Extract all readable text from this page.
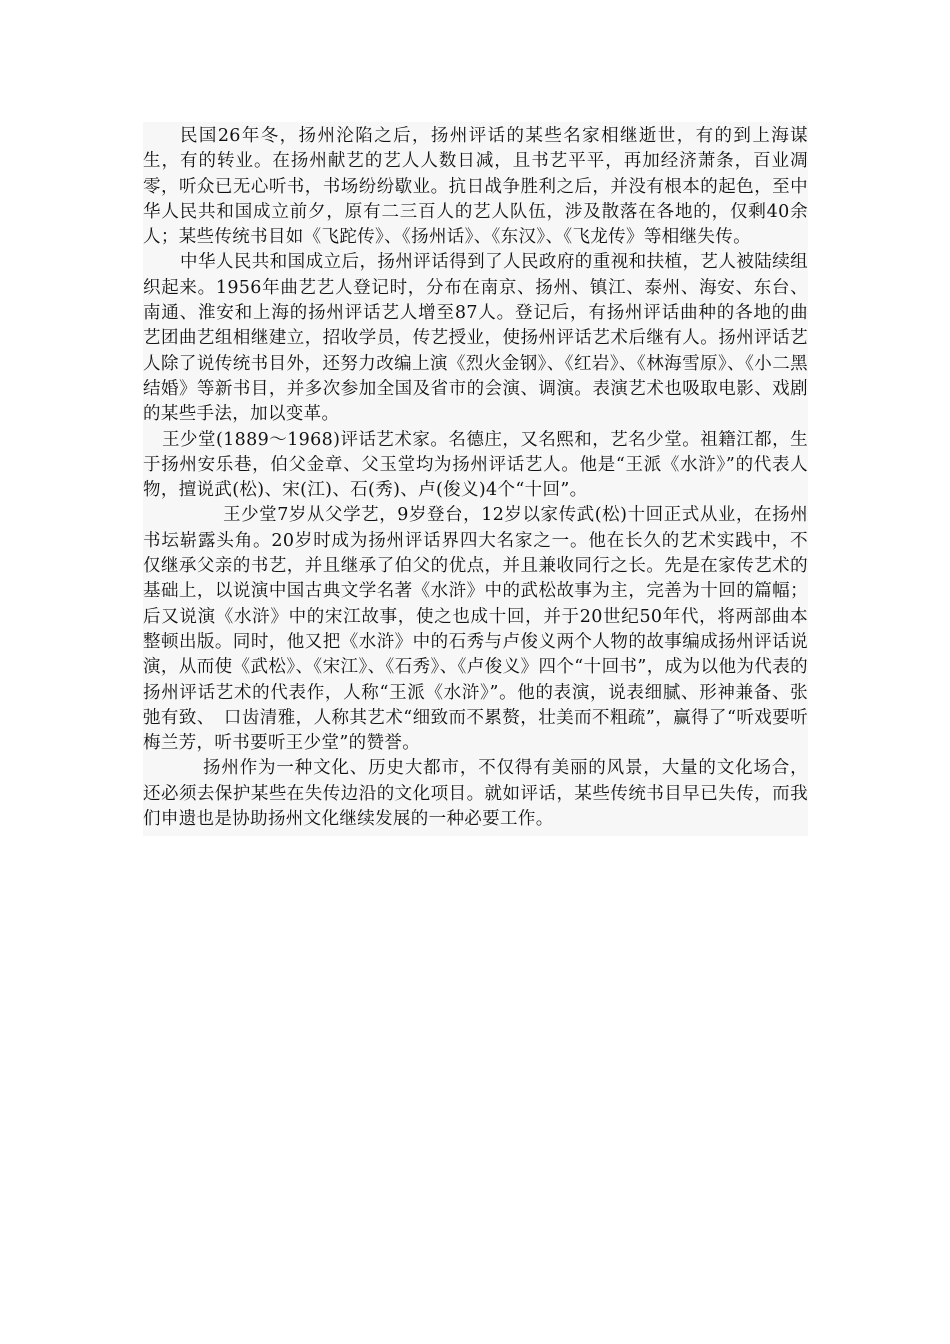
民国26年冬，扬州沦陷之后，扬州评话的某些名家相继逝世，有的到上海谋生，有的转业。在扬州献艺的艺人人数日减，且书艺平平，再加经济萧条，百业凋零，听众已无心听书，书场纷纷歇业。抗日战争胜利之后，并没有根本的起色，至中华人民共和国成立前夕，原有二三百人的艺人队伍，涉及散落在各地的，仅剩40余人；某些传统书目如《飞跎传》、《扬州话》、《东汉》、《飞龙传》等相继失传。

中华人民共和国成立后，扬州评话得到了人民政府的重视和扶植，艺人被陆续组织起来。1956年曲艺艺人登记时，分布在南京、扬州、镇江、泰州、海安、东台、南通、淮安和上海的扬州评话艺人增至87人。登记后，有扬州评话曲种的各地的曲艺团曲艺组相继建立，招收学员，传艺授业，使扬州评话艺术后继有人。扬州评话艺人除了说传统书目外，还努力改编上演《烈火金钢》、《红岩》、《林海雪原》、《小二黑结婚》等新书目，并多次参加全国及省市的会演、调演。表演艺术也吸取电影、戏剧的某些手法，加以变革。

王少堂(1889～1968)评话艺术家。名德庄，又名熙和，艺名少堂。祖籍江都，生于扬州安乐巷，伯父金章、父玉堂均为扬州评话艺人。他是“王派《水浒》”的代表人物，擅说武(松)、宋(江)、石(秀)、卢(俊义)4个“十回”。

王少堂7岁从父学艺，9岁登台，12岁以家传武(松)十回正式从业，在扬州书坛崭露头角。20岁时成为扬州评话界四大名家之一。他在长久的艺术实践中，不仅继承父亲的书艺，并且继承了伯父的优点，并且兼收同行之长。先是在家传艺术的基础上，以说演中国古典文学名著《水浒》中的武松故事为主，完善为十回的篇幅；后又说演《水浒》中的宋江故事，使之也成十回，并于20世纪50年代，将两部曲本整顿出版。同时，他又把《水浒》中的石秀与卢俊义两个人物的故事编成扬州评话说演，从而使《武松》、《宋江》、《石秀》、《卢俊义》四个“十回书”，成为以他为代表的扬州评话艺术的代表作，人称“王派《水浒》”。他的表演，说表细腻、形神兼备、张弛有致、　口齿清雅，人称其艺术“细致而不累赘，壮美而不粗疏”，赢得了“听戏要听梅兰芳，听书要听王少堂”的赞誉。

扬州作为一种文化、历史大都市，不仅得有美丽的风景，大量的文化场合，还必须去保护某些在失传边沿的文化项目。就如评话，某些传统书目早已失传，而我们申遗也是协助扬州文化继续发展的一种必要工作。
